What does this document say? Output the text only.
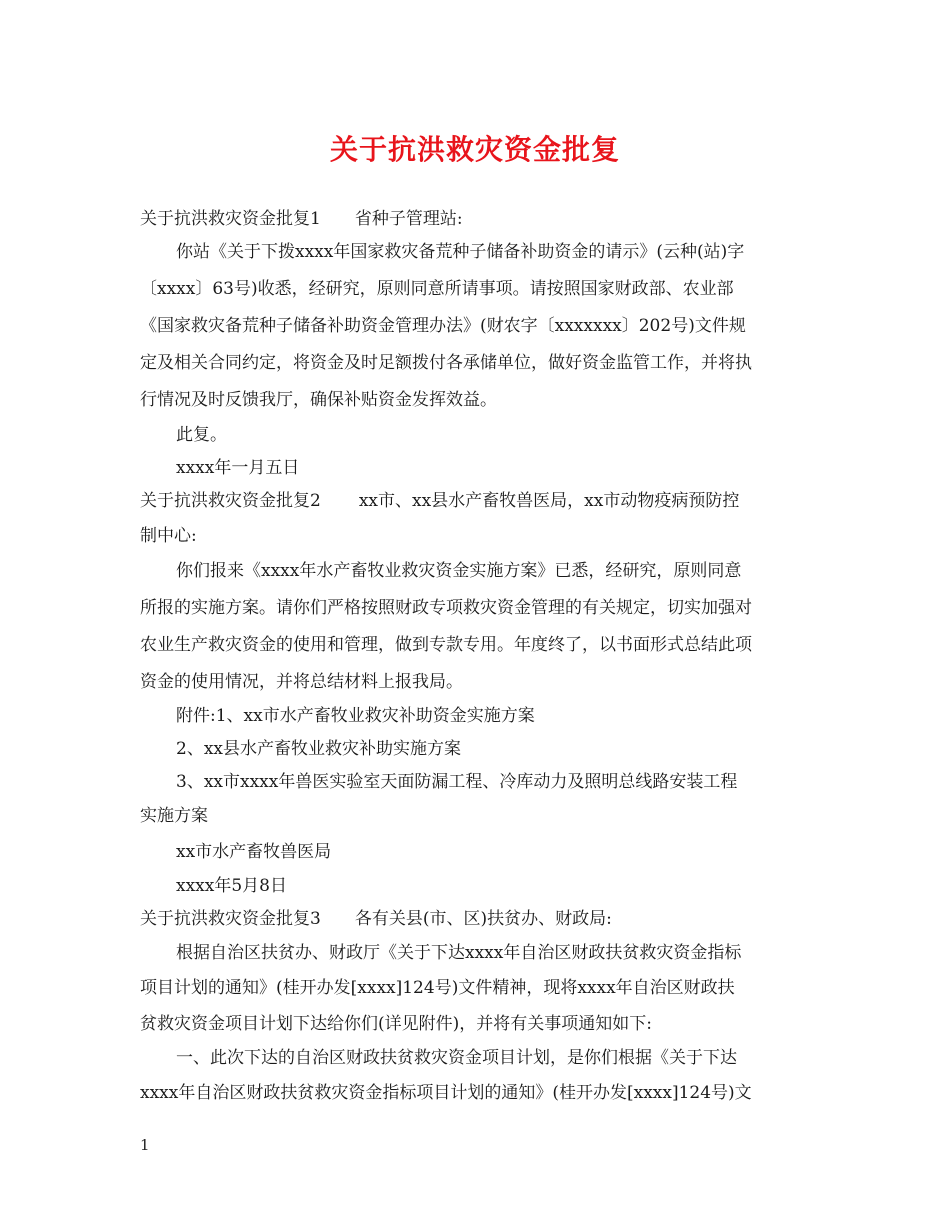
关于抗洪救灾资金批复
关于抗洪救灾资金批复1 省种子管理站:
你站《关于下拨xxxx年国家救灾备荒种子储备补助资金的请示》(云种(站)字
〔xxxx〕63号)收悉，经研究，原则同意所请事项。请按照国家财政部、农业部
《国家救灾备荒种子储备补助资金管理办法》(财农字〔xxxxxxx〕202号)文件规
定及相关合同约定，将资金及时足额拨付各承储单位，做好资金监管工作，并将执
行情况及时反馈我厅，确保补贴资金发挥效益。
此复。
xxxx年一月五日
关于抗洪救灾资金批复2 xx市、xx县水产畜牧兽医局，xx市动物疫病预防控
制中心:
你们报来《xxxx年水产畜牧业救灾资金实施方案》已悉，经研究，原则同意
所报的实施方案。请你们严格按照财政专项救灾资金管理的有关规定，切实加强对
农业生产救灾资金的使用和管理，做到专款专用。年度终了，以书面形式总结此项
资金的使用情况，并将总结材料上报我局。
附件:1、xx市水产畜牧业救灾补助资金实施方案
2、xx县水产畜牧业救灾补助实施方案
3、xx市xxxx年兽医实验室天面防漏工程、冷库动力及照明总线路安装工程
实施方案
xx市水产畜牧兽医局
xxxx年5月8日
关于抗洪救灾资金批复3 各有关县(市、区)扶贫办、财政局:
根据自治区扶贫办、财政厅《关于下达xxxx年自治区财政扶贫救灾资金指标
项目计划的通知》(桂开办发[xxxx]124号)文件精神，现将xxxx年自治区财政扶
贫救灾资金项目计划下达给你们(详见附件)，并将有关事项通知如下:
一、此次下达的自治区财政扶贫救灾资金项目计划，是你们根据《关于下达
xxxx年自治区财政扶贫救灾资金指标项目计划的通知》(桂开办发[xxxx]124号)文
1
